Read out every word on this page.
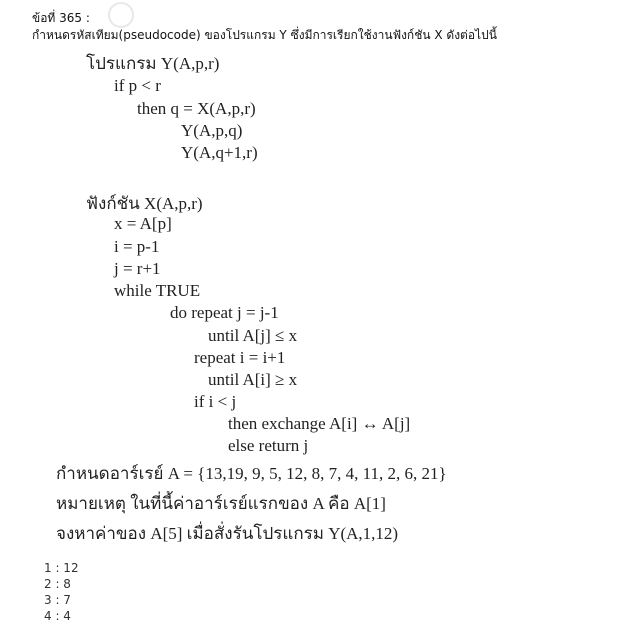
ข้อที่ 365 :
กำหนดรหัสเทียม(pseudocode) ของโปรแกรม Y ซึ่งมีการเรียกใช้งานฟังก์ชัน X ดังต่อไปนี้
โปรแกรม Y(A,p,r)
if p < r
then q = X(A,p,r)
Y(A,p,q)
Y(A,q+1,r)
ฟังก์ชัน X(A,p,r)
x = A[p]
i = p-1
j = r+1
while TRUE
do repeat j = j-1
until A[j] ≤ x
repeat i = i+1
until A[i] ≥ x
if i < j
then exchange A[i] ↔ A[j]
else return j
กำหนดอาร์เรย์ A = {13,19, 9, 5, 12, 8, 7, 4, 11, 2, 6, 21}
หมายเหตุ ในที่นี้ค่าอาร์เรย์แรกของ A คือ A[1]
จงหาค่าของ A[5] เมื่อสั่งรันโปรแกรม Y(A,1,12)
1 : 12
2 : 8
3 : 7
4 : 4
